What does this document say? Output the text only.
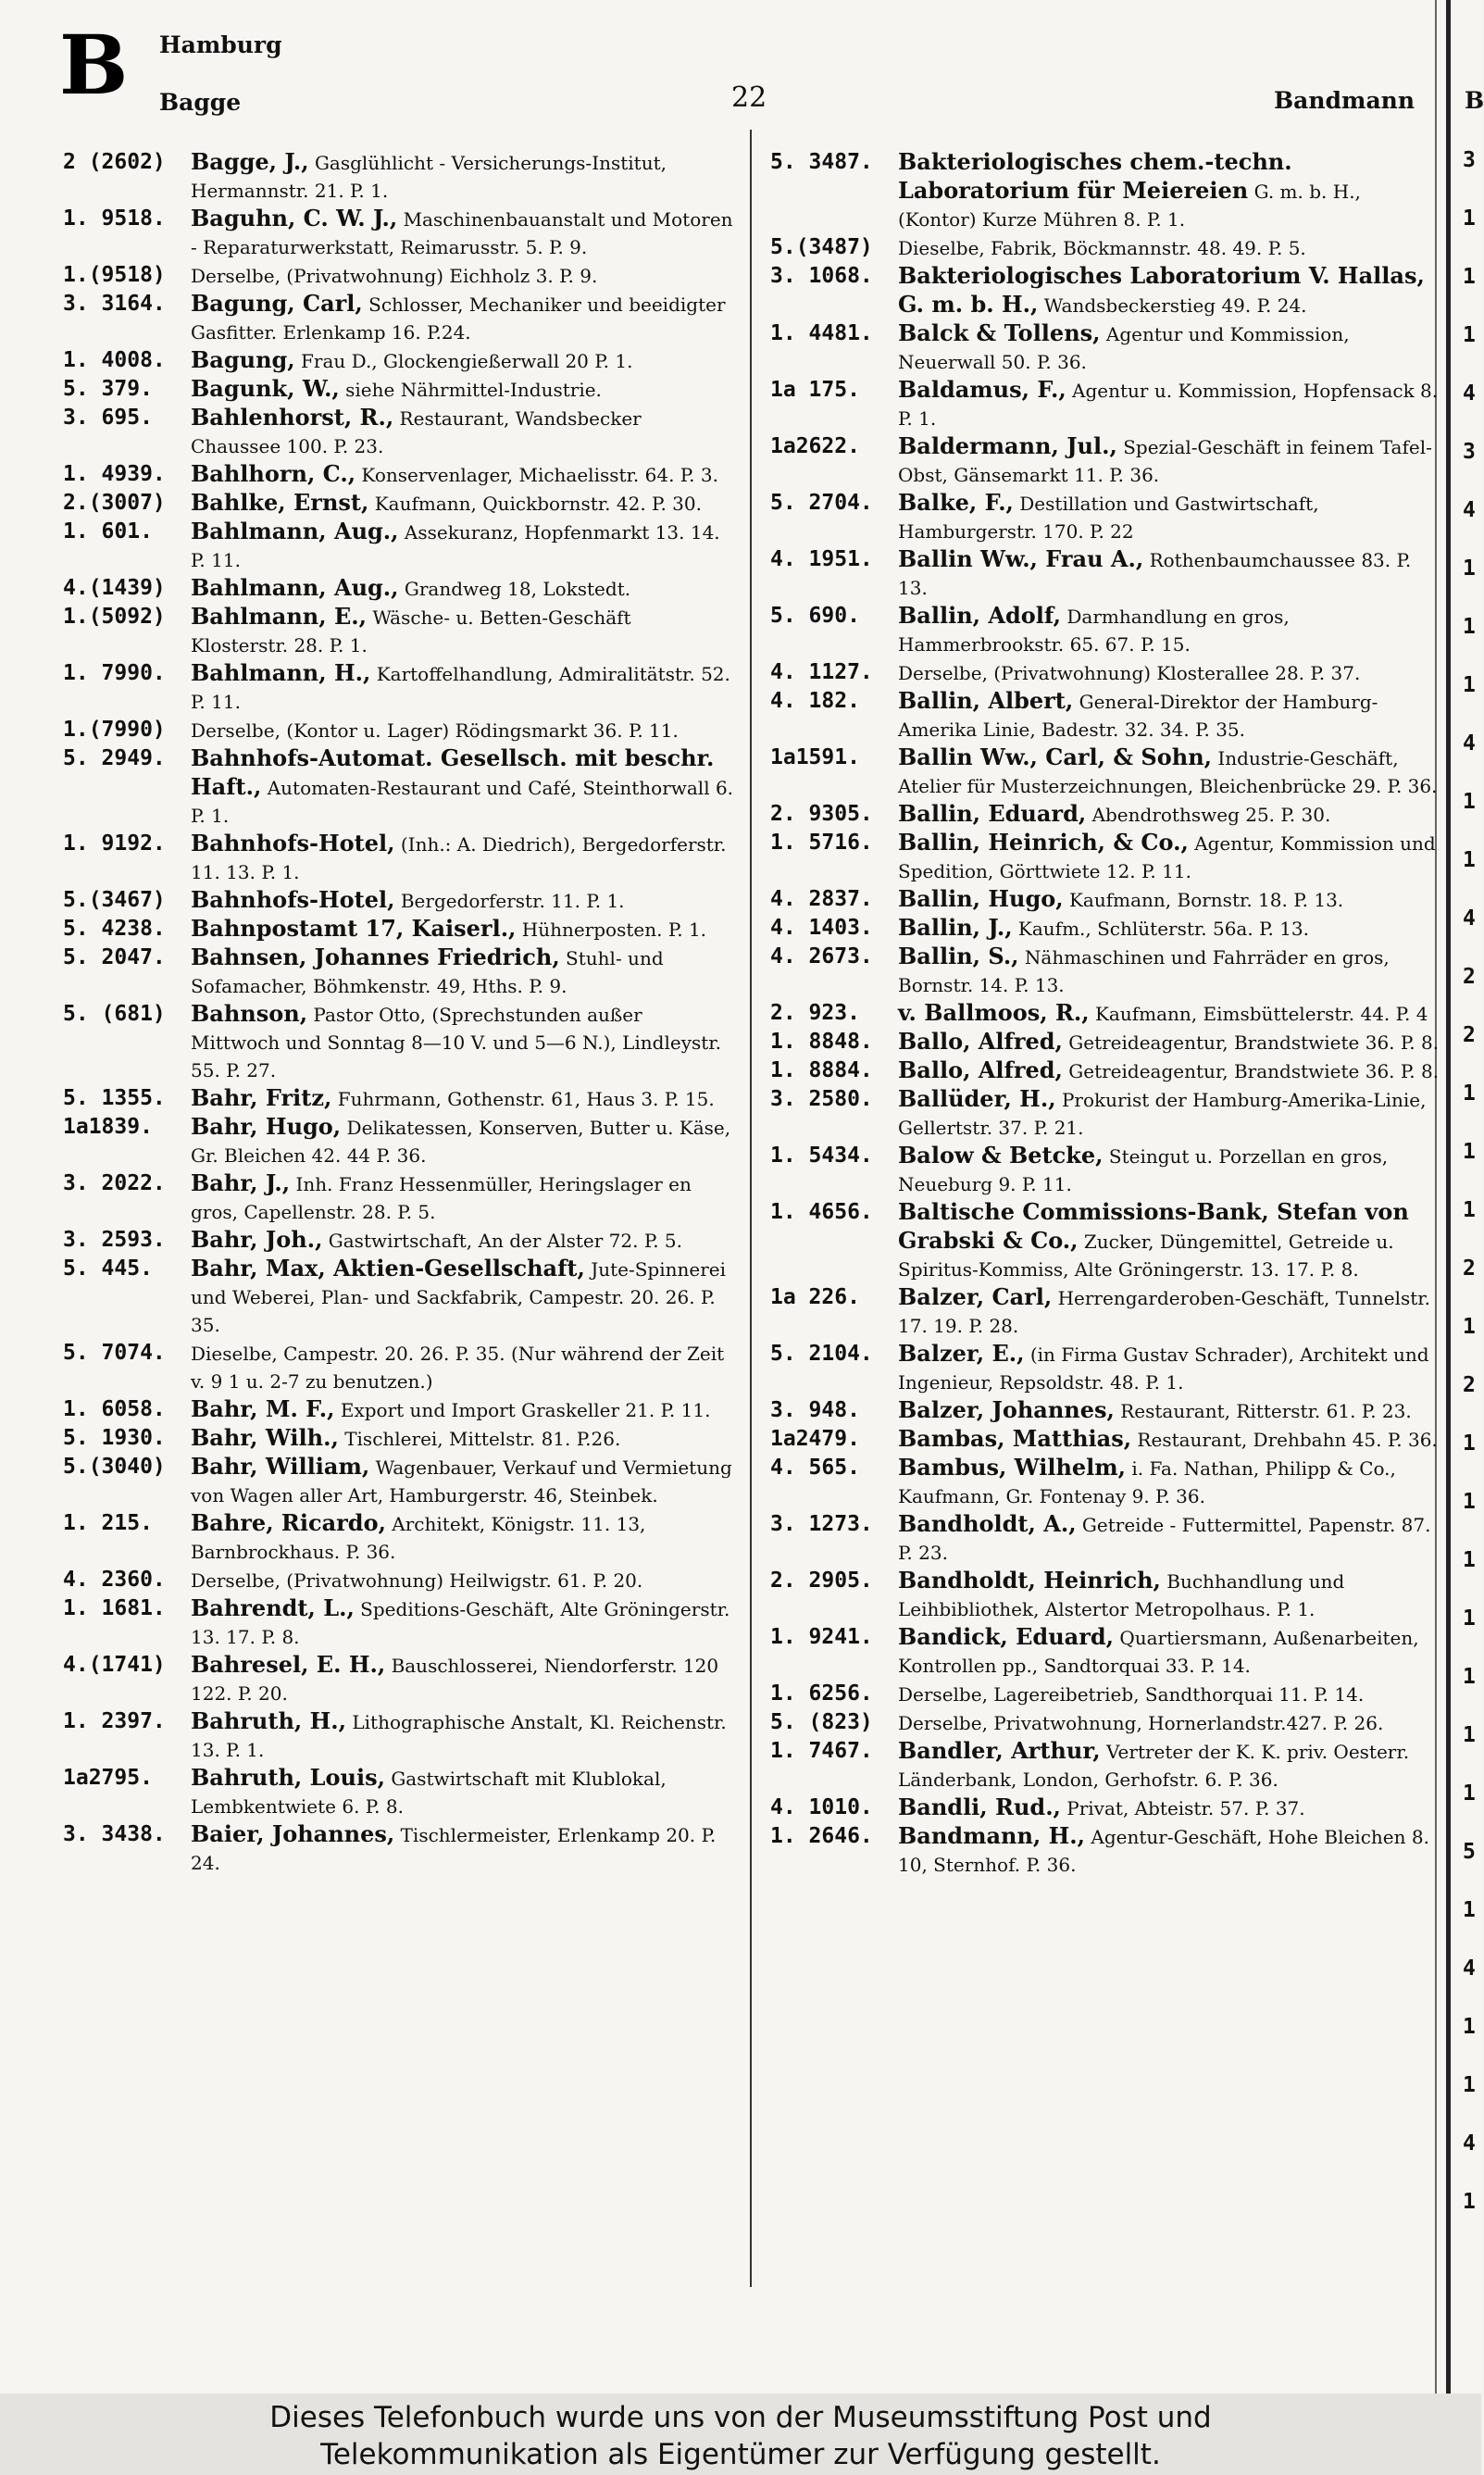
B Hamburg
Bagge	22	Bandmann B
2 (2602) Bagge, J., Gasglühlicht - Versicherungs-Institut, Hermannstr. 21. P. 1.
1. 9518. Baguhn, C. W. J., Maschinenbauanstalt und Motoren - Reparaturwerkstatt, Reimarusstr. 5. P. 9.
1.(9518) Derselbe, (Privatwohnung) Eichholz 3. P. 9.
3. 3164. Bagung, Carl, Schlosser, Mechaniker und beeidigter Gasfitter. Erlenkamp 16. P.24.
1. 4008. Bagung, Frau D., Glockengießerwall 20 P. 1.
5. 379. Bagunk, W., siehe Nährmittel-Industrie.
3. 695. Bahlenhorst, R., Restaurant, Wandsbecker Chaussee 100. P. 23.
1. 4939. Bahlhorn, C., Konservenlager, Michaelisstr. 64. P. 3.
2.(3007) Bahlke, Ernst, Kaufmann, Quickbornstr. 42. P. 30.
1. 601. Bahlmann, Aug., Assekuranz, Hopfenmarkt 13. 14. P. 11.
4.(1439) Bahlmann, Aug., Grandweg 18, Lokstedt.
1.(5092) Bahlmann, E., Wäsche- u. Betten-Geschäft Klosterstr. 28. P. 1.
1. 7990. Bahlmann, H., Kartoffelhandlung, Admiralitätstr. 52. P. 11.
1.(7990) Derselbe, (Kontor u. Lager) Rödingsmarkt 36. P. 11.
5. 2949. Bahnhofs-Automat. Gesellsch. mit beschr. Haft., Automaten-Restaurant und Café, Steinthorwall 6. P. 1.
1. 9192. Bahnhofs-Hotel, (Inh.: A. Diedrich), Bergedorferstr. 11. 13. P. 1.
5.(3467) Bahnhofs-Hotel, Bergedorferstr. 11. P. 1.
5. 4238. Bahnpostamt 17, Kaiserl., Hühnerposten. P. 1.
5. 2047. Bahnsen, Johannes Friedrich, Stuhl- und Sofamacher, Böhmkenstr. 49, Hths. P. 9.
5. (681) Bahnson, Pastor Otto, (Sprechstunden außer Mittwoch und Sonntag 8—10 V. und 5—6 N.), Lindleystr. 55. P. 27.
5. 1355. Bahr, Fritz, Fuhrmann, Gothenstr. 61, Haus 3. P. 15.
1a1839. Bahr, Hugo, Delikatessen, Konserven, Butter u. Käse, Gr. Bleichen 42. 44 P. 36.
3. 2022. Bahr, J., Inh. Franz Hessenmüller, Heringslager en gros, Capellenstr. 28. P. 5.
3. 2593. Bahr, Joh., Gastwirtschaft, An der Alster 72. P. 5.
5. 445. Bahr, Max, Aktien-Gesellschaft, Jute-Spinnerei und Weberei, Plan- und Sackfabrik, Campestr. 20. 26. P. 35.
5. 7074. Dieselbe, Campestr. 20. 26. P. 35. (Nur während der Zeit v. 9 1 u. 2-7 zu benutzen.)
1. 6058. Bahr, M. F., Export und Import Graskeller 21. P. 11.
5. 1930. Bahr, Wilh., Tischlerei, Mittelstr. 81. P.26.
5.(3040) Bahr, William, Wagenbauer, Verkauf und Vermietung von Wagen aller Art, Hamburgerstr. 46, Steinbek.
1. 215. Bahre, Ricardo, Architekt, Königstr. 11. 13, Barnbrockhaus. P. 36.
4. 2360. Derselbe, (Privatwohnung) Heilwigstr. 61. P. 20.
1. 1681. Bahrendt, L., Speditions-Geschäft, Alte Gröningerstr. 13. 17. P. 8.
4.(1741) Bahresel, E. H., Bauschlosserei, Niendorferstr. 120 122. P. 20.
1. 2397. Bahruth, H., Lithographische Anstalt, Kl. Reichenstr. 13. P. 1.
1a2795. Bahruth, Louis, Gastwirtschaft mit Klublokal, Lembkentwiete 6. P. 8.
3. 3438. Baier, Johannes, Tischlermeister, Erlenkamp 20. P. 24.
5. 3487. Bakteriologisches chem.-techn. Laboratorium für Meiereien G. m. b. H., (Kontor) Kurze Mühren 8. P. 1.
5.(3487) Dieselbe, Fabrik, Böckmannstr. 48. 49. P. 5.
3. 1068. Bakteriologisches Laboratorium V. Hallas, G. m. b. H., Wandsbeckerstieg 49. P. 24.
1. 4481. Balck & Tollens, Agentur und Kommission, Neuerwall 50. P. 36.
1a 175. Baldamus, F., Agentur u. Kommission, Hopfensack 8. P. 1.
1a2622. Baldermann, Jul., Spezial-Geschäft in feinem Tafel-Obst, Gänsemarkt 11. P. 36.
5. 2704. Balke, F., Destillation und Gastwirtschaft, Hamburgerstr. 170. P. 22
4. 1951. Ballin Ww., Frau A., Rothenbaumchaussee 83. P. 13.
5. 690. Ballin, Adolf, Darmhandlung en gros, Hammerbrookstr. 65. 67. P. 15.
4. 1127. Derselbe, (Privatwohnung) Klosterallee 28. P. 37.
4. 182. Ballin, Albert, General-Direktor der Hamburg-Amerika Linie, Badestr. 32. 34. P. 35.
1a1591. Ballin Ww., Carl, & Sohn, Industrie-Geschäft, Atelier für Musterzeichnungen, Bleichenbrücke 29. P. 36.
2. 9305. Ballin, Eduard, Abendrothsweg 25. P. 30.
1. 5716. Ballin, Heinrich, & Co., Agentur, Kommission und Spedition, Görttwiete 12. P. 11.
4. 2837. Ballin, Hugo, Kaufmann, Bornstr. 18. P. 13.
4. 1403. Ballin, J., Kaufm., Schlüterstr. 56a. P. 13.
4. 2673. Ballin, S., Nähmaschinen und Fahrräder en gros, Bornstr. 14. P. 13.
2. 923. v. Ballmoos, R., Kaufmann, Eimsbüttelerstr. 44. P. 4
1. 8848. Ballo, Alfred, Getreideagentur, Brandstwiete 36. P. 8.
1. 8884. Ballo, Alfred, Getreideagentur, Brandstwiete 36. P. 8.
3. 2580. Ballüder, H., Prokurist der Hamburg-Amerika-Linie, Gellertstr. 37. P. 21.
1. 5434. Balow & Betcke, Steingut u. Porzellan en gros, Neueburg 9. P. 11.
1. 4656. Baltische Commissions-Bank, Stefan von Grabski & Co., Zucker, Düngemittel, Getreide u. Spiritus-Kommiss, Alte Gröningerstr. 13. 17. P. 8.
1a 226. Balzer, Carl, Herrengarderoben-Geschäft, Tunnelstr. 17. 19. P. 28.
5. 2104. Balzer, E., (in Firma Gustav Schrader), Architekt und Ingenieur, Repsoldstr. 48. P. 1.
3. 948. Balzer, Johannes, Restaurant, Ritterstr. 61. P. 23.
1a2479. Bambas, Matthias, Restaurant, Drehbahn 45. P. 36.
4. 565. Bambus, Wilhelm, i. Fa. Nathan, Philipp & Co., Kaufmann, Gr. Fontenay 9. P. 36.
3. 1273. Bandholdt, A., Getreide - Futtermittel, Papenstr. 87. P. 23.
2. 2905. Bandholdt, Heinrich, Buchhandlung und Leihbibliothek, Alstertor Metropolhaus. P. 1.
1. 9241. Bandick, Eduard, Quartiersmann, Außenarbeiten, Kontrollen pp., Sandtorquai 33. P. 14.
1. 6256. Derselbe, Lagereibetrieb, Sandthorquai 11. P. 14.
5. (823) Derselbe, Privatwohnung, Hornerlandstr.427. P. 26.
1. 7467. Bandler, Arthur, Vertreter der K. K. priv. Oesterr. Länderbank, London, Gerhofstr. 6. P. 36.
4. 1010. Bandli, Rud., Privat, Abteistr. 57. P. 37.
1. 2646. Bandmann, H., Agentur-Geschäft, Hohe Bleichen 8. 10, Sternhof. P. 36.
3
1
1
1
4
3
4
1
1
1
4
1
1
4
2
2
1
1
1
2
1
2
1
1
1
1
1
1
1
5
1
4
1
1
4
1
Dieses Telefonbuch wurde uns von der Museumsstiftung Post und
Telekommunikation als Eigentümer zur Verfügung gestellt.
